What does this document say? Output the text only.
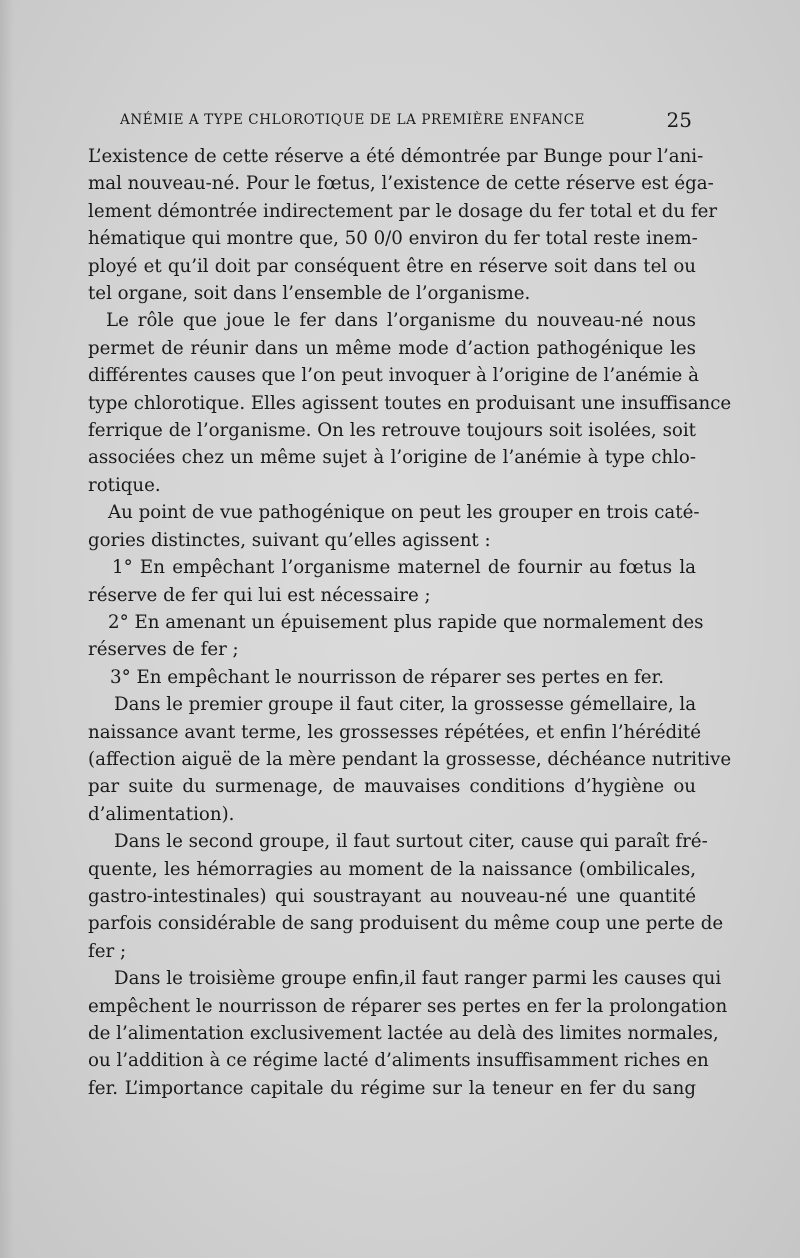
ANÉMIE A TYPE CHLOROTIQUE DE LA PREMIÈRE ENFANCE	25
L’existence de cette réserve a été démontrée par Bunge pour l’ani-
mal nouveau-né. Pour le fœtus, l’existence de cette réserve est éga-
lement démontrée indirectement par le dosage du fer total et du fer
hématique qui montre que, 50 0/0 environ du fer total reste inem-
ployé et qu’il doit par conséquent être en réserve soit dans tel ou
tel organe, soit dans l’ensemble de l’organisme.
Le rôle que joue le fer dans l’organisme du nouveau-né nous
permet de réunir dans un même mode d’action pathogénique les
différentes causes que l’on peut invoquer à l’origine de l’anémie à
type chlorotique. Elles agissent toutes en produisant une insuffisance
ferrique de l’organisme. On les retrouve toujours soit isolées, soit
associées chez un même sujet à l’origine de l’anémie à type chlo-
rotique.
Au point de vue pathogénique on peut les grouper en trois caté-
gories distinctes, suivant qu’elles agissent :
1° En empêchant l’organisme maternel de fournir au fœtus la
réserve de fer qui lui est nécessaire ;
2° En amenant un épuisement plus rapide que normalement des
réserves de fer ;
3° En empêchant le nourrisson de réparer ses pertes en fer.
Dans le premier groupe il faut citer, la grossesse gémellaire, la
naissance avant terme, les grossesses répétées, et enfin l’hérédité
(affection aiguë de la mère pendant la grossesse, déchéance nutritive
par suite du surmenage, de mauvaises conditions d’hygiène ou
d’alimentation).
Dans le second groupe, il faut surtout citer, cause qui paraît fré-
quente, les hémorragies au moment de la naissance (ombilicales,
gastro-intestinales) qui soustrayant au nouveau-né une quantité
parfois considérable de sang produisent du même coup une perte de
fer ;
Dans le troisième groupe enfin,il faut ranger parmi les causes qui
empêchent le nourrisson de réparer ses pertes en fer la prolongation
de l’alimentation exclusivement lactée au delà des limites normales,
ou l’addition à ce régime lacté d’aliments insuffisamment riches en
fer. L’importance capitale du régime sur la teneur en fer du sang
